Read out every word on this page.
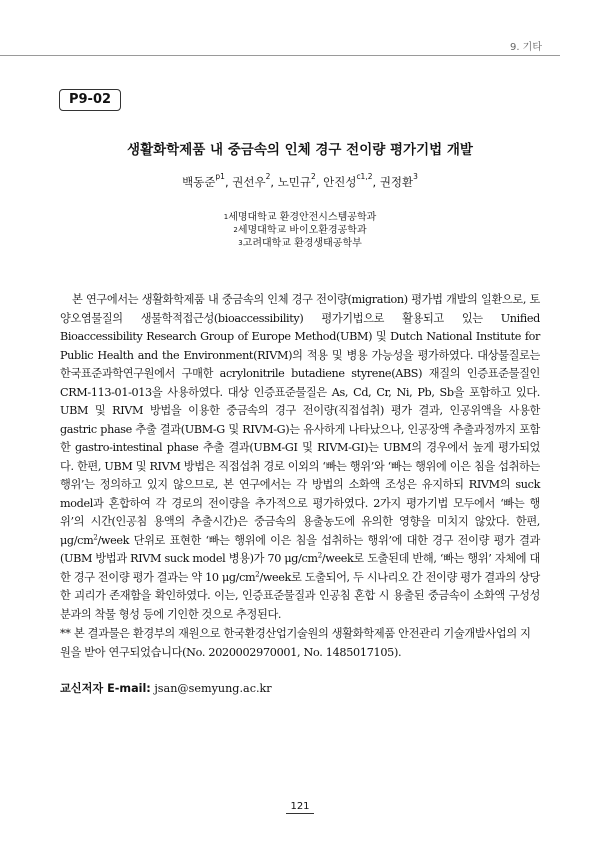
9. 기타
P9-02
생활화학제품 내 중금속의 인체 경구 전이량 평가기법 개발
백동준$^{p1}$, 권선우$^2$, 노민규$^2$, 안진성$^{c1,2}$, 권정환$^3$
$^1$세명대학교 환경안전시스템공학과
$^2$세명대학교 바이오환경공학과
$^3$고려대학교 환경생태공학부

본 연구에서는 생활화학제품 내 중금속의 인체 경구 전이량(migration) 평가법 개발의 일환으로, 토양오염물질의 생물학적접근성(bioaccessibility) 평가기법으로 활용되고 있는 Unified Bioaccessibility Research Group of Europe Method(UBM) 및 Dutch National Institute for Public Health and the Environment(RIVM)의 적용 및 병용 가능성을 평가하였다. 대상물질로는 한국표준과학연구원에서 구매한 acrylonitrile butadiene styrene(ABS) 재질의 인증표준물질인 CRM-113-01-013을 사용하였다. 대상 인증표준물질은 As, Cd, Cr, Ni, Pb, Sb을 포함하고 있다. UBM 및 RIVM 방법을 이용한 중금속의 경구 전이량(직접섭취) 평가 결과, 인공위액을 사용한 gastric phase 추출 결과(UBM-G 및 RIVM-G)는 유사하게 나타났으나, 인공장액 추출과정까지 포함한 gastro-intestinal phase 추출 결과(UBM-GI 및 RIVM-GI)는 UBM의 경우에서 높게 평가되었다. 한편, UBM 및 RIVM 방법은 직접섭취 경로 이외의 ‘빠는 행위’와 ‘빠는 행위에 이은 침을 섭취하는 행위’는 정의하고 있지 않으므로, 본 연구에서는 각 방법의 소화액 조성은 유지하되 RIVM의 suck model과 혼합하여 각 경로의 전이량을 추가적으로 평가하였다. 2가지 평가기법 모두에서 ‘빠는 행위’의 시간(인공침 용액의 추출시간)은 중금속의 용출농도에 유의한 영향을 미치지 않았다. 한편, $\mu g/cm^2$/week 단위로 표현한 ‘빠는 행위에 이은 침을 섭취하는 행위’에 대한 경구 전이량 평가 결과(UBM 방법과 RIVM suck model 병용)가 70 $\mu g/cm^2$/week로 도출된데 반해, ‘빠는 행위’ 자체에 대한 경구 전이량 평가 결과는 약 10 $\mu g/cm^2$/week로 도출되어, 두 시나리오 간 전이량 평가 결과의 상당한 괴리가 존재함을 확인하였다. 이는, 인증표준물질과 인공침 혼합 시 용출된 중금속이 소화액 구성성분과의 착물 형성 등에 기인한 것으로 추정된다.

** 본 결과물은 환경부의 재원으로 한국환경산업기술원의 생활화학제품 안전관리 기술개발사업의 지원을 받아 연구되었습니다(No. 2020002970001, No. 1485017105).
교신저자 E-mail: jsan@semyung.ac.kr
121
